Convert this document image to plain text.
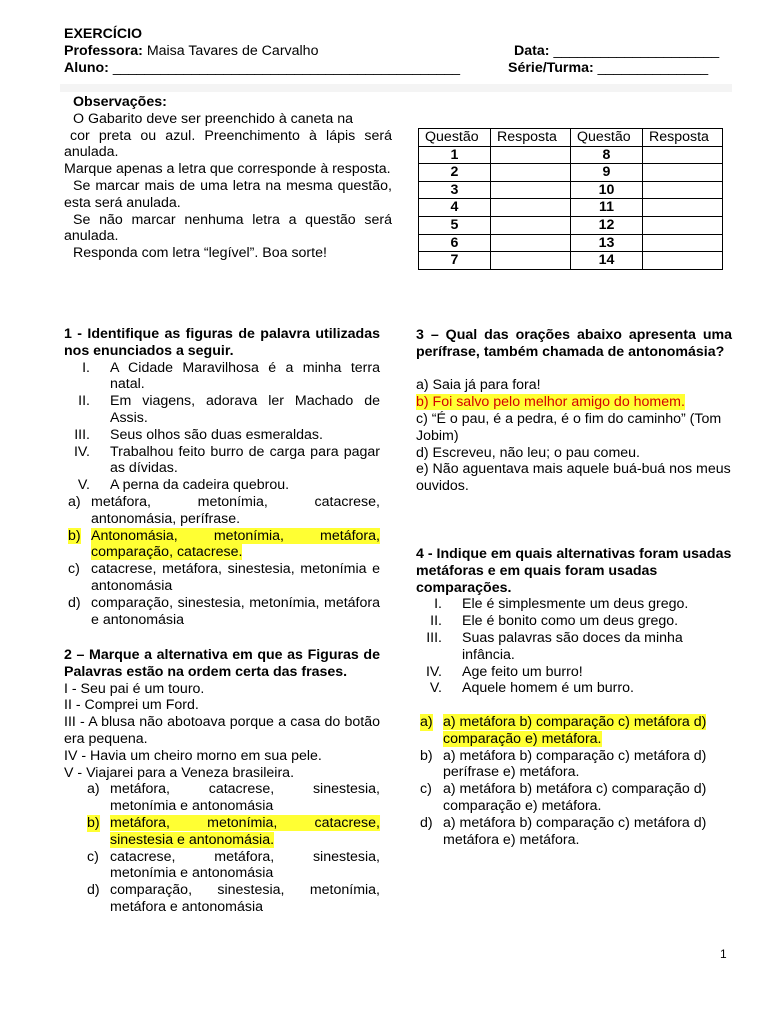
EXERCÍCIO
Professora: Maisa Tavares de Carvalho	Data: _____________________
Aluno: ____________________________________________	Série/Turma: ______________

Observações:

O Gabarito deve ser preenchido à caneta na

cor preta ou azul. Preenchimento à lápis será anulada.

Marque apenas a letra que corresponde à resposta.

Se marcar mais de uma letra na mesma questão, esta será anulada.

Se não marcar nenhuma letra a questão será anulada.

Responda com letra “legível”. Boa sorte!

Questão	Resposta	Questão	Resposta
1		8	
2		9	
3		10	
4		11	
5		12	
6		13	
7		14	

1 - Identifique as figuras de palavra utilizadas nos enunciados a seguir.

I. A Cidade Maravilhosa é a minha terra natal.

II. Em viagens, adorava ler Machado de Assis.

III. Seus olhos são duas esmeraldas.

IV. Trabalhou feito burro de carga para pagar as dívidas.

V. A perna da cadeira quebrou.

a) metáfora, metonímia, catacrese, antonomásia, perífrase.

b) Antonomásia, metonímia, metáfora, comparação, catacrese.

c) catacrese, metáfora, sinestesia, metonímia e antonomásia

d) comparação, sinestesia, metonímia, metáfora e antonomásia

2 – Marque a alternativa em que as Figuras de Palavras estão na ordem certa das frases.

I - Seu pai é um touro.

II - Comprei um Ford.

III - A blusa não abotoava porque a casa do botão era pequena.

IV - Havia um cheiro morno em sua pele.

V - Viajarei para a Veneza brasileira.

a) metáfora, catacrese, sinestesia, metonímia e antonomásia

b) metáfora, metonímia, catacrese, sinestesia e antonomásia.

c) catacrese, metáfora, sinestesia, metonímia e antonomásia

d) comparação, sinestesia, metonímia, metáfora e antonomásia

3 – Qual das orações abaixo apresenta uma perífrase, também chamada de antonomásia?

a) Saia já para fora!

b) Foi salvo pelo melhor amigo do homem.

c) “É o pau, é a pedra, é o fim do caminho” (Tom Jobim)

d) Escreveu, não leu; o pau comeu.

e) Não aguentava mais aquele buá-buá nos meus ouvidos.

4 - Indique em quais alternativas foram usadas metáforas e em quais foram usadas comparações.

I. Ele é simplesmente um deus grego.

II. Ele é bonito como um deus grego.

III. Suas palavras são doces da minha infância.

IV. Age feito um burro!

V. Aquele homem é um burro.

a) a) metáfora b) comparação c) metáfora d) comparação e) metáfora.

b) a) metáfora b) comparação c) metáfora d) perífrase e) metáfora.

c) a) metáfora b) metáfora c) comparação d) comparação e) metáfora.

d) a) metáfora b) comparação c) metáfora d) metáfora e) metáfora.

1
